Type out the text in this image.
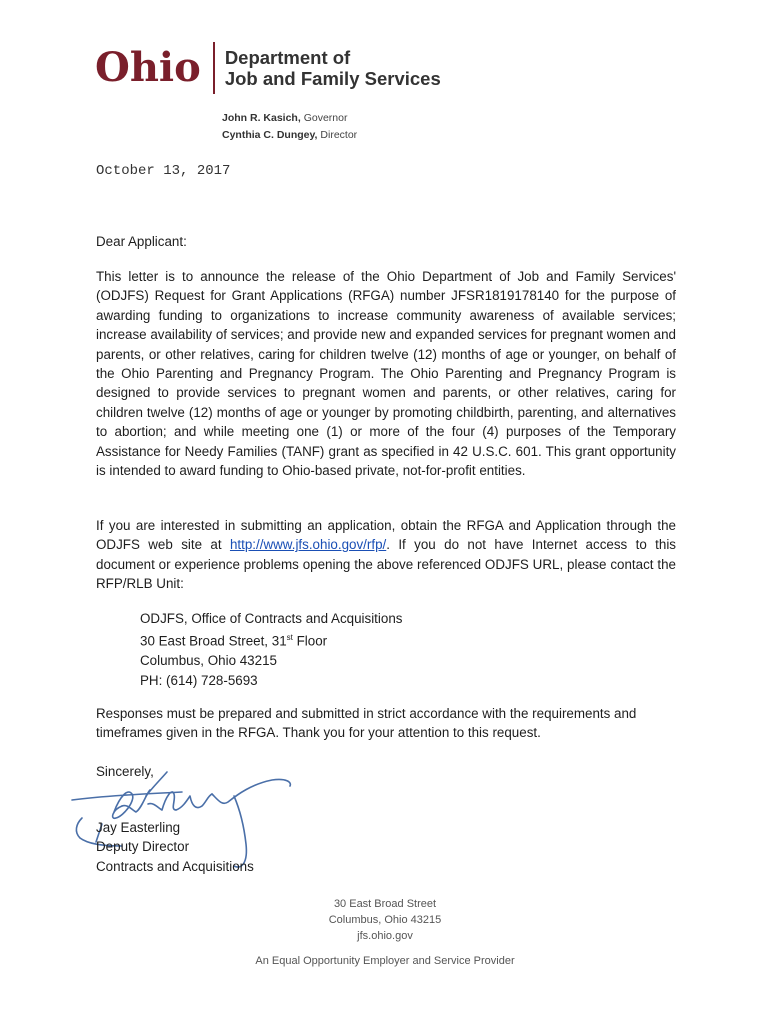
Ohio Department of
Job and Family Services
John R. Kasich, Governor
Cynthia C. Dungey, Director
October 13, 2017
Dear Applicant:
This letter is to announce the release of the Ohio Department of Job and Family Services' (ODJFS) Request for Grant Applications (RFGA) number JFSR1819178140 for the purpose of awarding funding to organizations to increase community awareness of available services; increase availability of services; and provide new and expanded services for pregnant women and parents, or other relatives, caring for children twelve (12) months of age or younger, on behalf of the Ohio Parenting and Pregnancy Program. The Ohio Parenting and Pregnancy Program is designed to provide services to pregnant women and parents, or other relatives, caring for children twelve (12) months of age or younger by promoting childbirth, parenting, and alternatives to abortion; and while meeting one (1) or more of the four (4) purposes of the Temporary Assistance for Needy Families (TANF) grant as specified in 42 U.S.C. 601. This grant opportunity is intended to award funding to Ohio-based private, not-for-profit entities.
If you are interested in submitting an application, obtain the RFGA and Application through the ODJFS web site at http://www.jfs.ohio.gov/rfp/. If you do not have Internet access to this document or experience problems opening the above referenced ODJFS URL, please contact the RFP/RLB Unit:
ODJFS, Office of Contracts and Acquisitions
30 East Broad Street, 31st Floor
Columbus, Ohio 43215
PH: (614) 728-5693
Responses must be prepared and submitted in strict accordance with the requirements and timeframes given in the RFGA. Thank you for your attention to this request.
Sincerely,
Jay Easterling
Deputy Director
Contracts and Acquisitions
30 East Broad Street
Columbus, Ohio 43215
jfs.ohio.gov
An Equal Opportunity Employer and Service Provider
